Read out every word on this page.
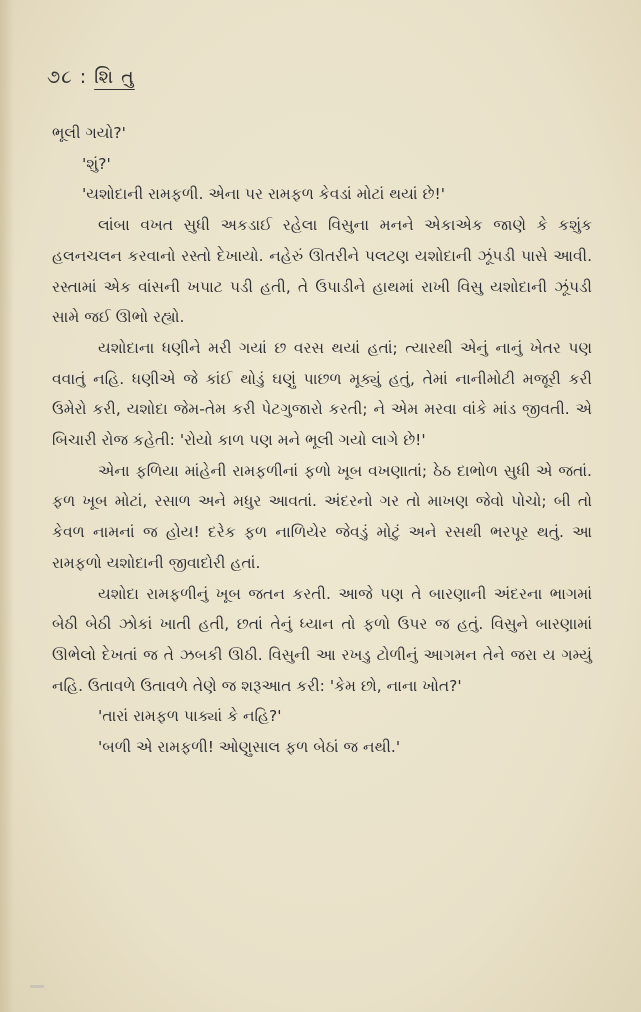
૭૮ : શિ તુ

ભૂલી ગયો?'

'શું?'

'યશોદાની રામફળી. એના પર રામફળ કેવડાં મોટાં થયાં છે!'

લાંબા વખત સુધી અકડાઈ રહેલા વિસુના મનને એકાએક જાણે કે કશુંક હલનચલન કરવાનો રસ્તો દેખાયો. નહેરું ઊતરીને પલટણ યશોદાની ઝૂંપડી પાસે આવી. રસ્તામાં એક વાંસની ખપાટ પડી હતી, તે ઉપાડીને હાથમાં રાખી વિસુ યશોદાની ઝૂંપડી સામે જઈ ઊભો રહ્યો.

યશોદાના ધણીને મરી ગયાં છ વરસ થયાં હતાં; ત્યારથી એનું નાનું ખેતર પણ વવાતું નહિ. ધણીએ જે કાંઈ થોડું ઘણું પાછળ મૂક્યું હતું, તેમાં નાનીમોટી મજૂરી કરી ઉમેરો કરી, યશોદા જેમ-તેમ કરી પેટગુજારો કરતી; ને એમ મરવા વાંકે માંડ જીવતી. એ બિચારી રોજ કહેતી: 'રોયો કાળ પણ મને ભૂલી ગયો લાગે છે!'

એના ફળિયા માંહેની રામફળીનાં ફળો ખૂબ વખણાતાં; ઠેઠ દાભોળ સુધી એ જતાં. ફળ ખૂબ મોટાં, રસાળ અને મધુર આવતાં. અંદરનો ગર તો માખણ જેવો પોચો; બી તો કેવળ નામનાં જ હોય! દરેક ફળ નાળિયેર જેવડું મોટું અને રસથી ભરપૂર થતું. આ રામફળો યશોદાની જીવાદોરી હતાં.

યશોદા રામફળીનું ખૂબ જતન કરતી. આજે પણ તે બારણાની અંદરના ભાગમાં બેઠી બેઠી ઝોકાં ખાતી હતી, છતાં તેનું ધ્યાન તો ફળો ઉપર જ હતું. વિસુને બારણામાં ઊભેલો દેખતાં જ તે ઝબકી ઊઠી. વિસુની આ રખડુ ટોળીનું આગમન તેને જરા ય ગમ્યું નહિ. ઉતાવળે ઉતાવળે તેણે જ શરૂઆત કરી: 'કેમ છો, નાના ખોત?'

'તારાં રામફળ પાક્યાં કે નહિ?'

'બળી એ રામફળી! ઓણુસાલ ફળ બેઠાં જ નથી.'
